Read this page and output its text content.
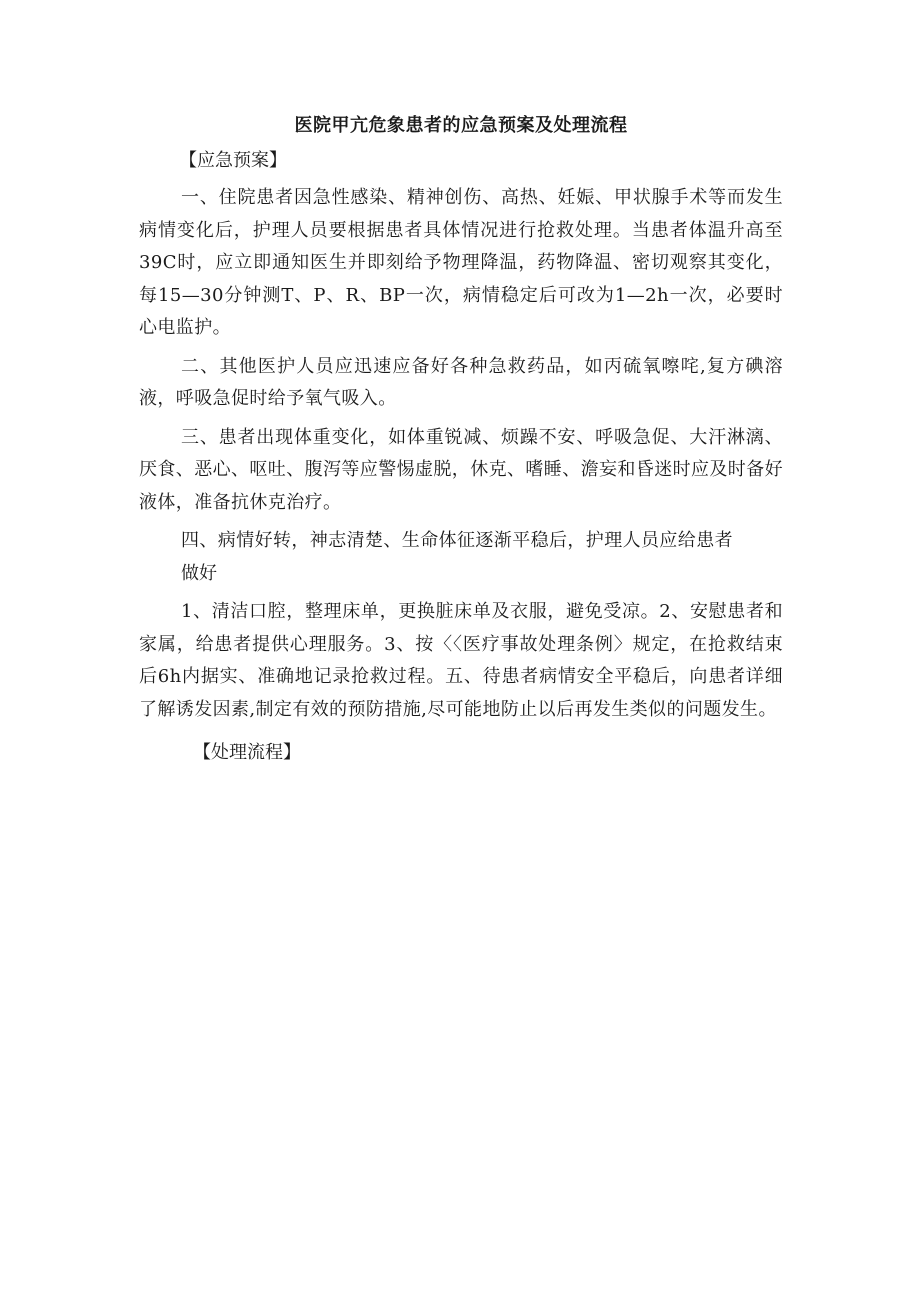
医院甲亢危象患者的应急预案及处理流程
【应急预案】

一、住院患者因急性感染、精神创伤、高热、妊娠、甲状腺手术等而发生病情变化后，护理人员要根据患者具体情况进行抢救处理。当患者体温升高至39C时，应立即通知医生并即刻给予物理降温，药物降温、密切观察其变化，每15—30分钟测T、P、R、BP一次，病情稳定后可改为1—2h一次，必要时心电监护。

二、其他医护人员应迅速应备好各种急救药品，如丙硫氧嚓咤,复方碘溶液，呼吸急促时给予氧气吸入。

三、患者出现体重变化，如体重锐减、烦躁不安、呼吸急促、大汗淋漓、厌食、恶心、呕吐、腹泻等应警惕虚脱，休克、嗜睡、澹妄和昏迷时应及时备好液体，准备抗休克治疗。

四、病情好转，神志清楚、生命体征逐渐平稳后，护理人员应给患者

做好

1、清洁口腔，整理床单，更换脏床单及衣服，避免受凉。2、安慰患者和家属，给患者提供心理服务。3、按〈〈医疗事故处理条例〉规定，在抢救结束后6h内据实、准确地记录抢救过程。五、待患者病情安全平稳后，向患者详细了解诱发因素,制定有效的预防措施,尽可能地防止以后再发生类似的问题发生。

【处理流程】
